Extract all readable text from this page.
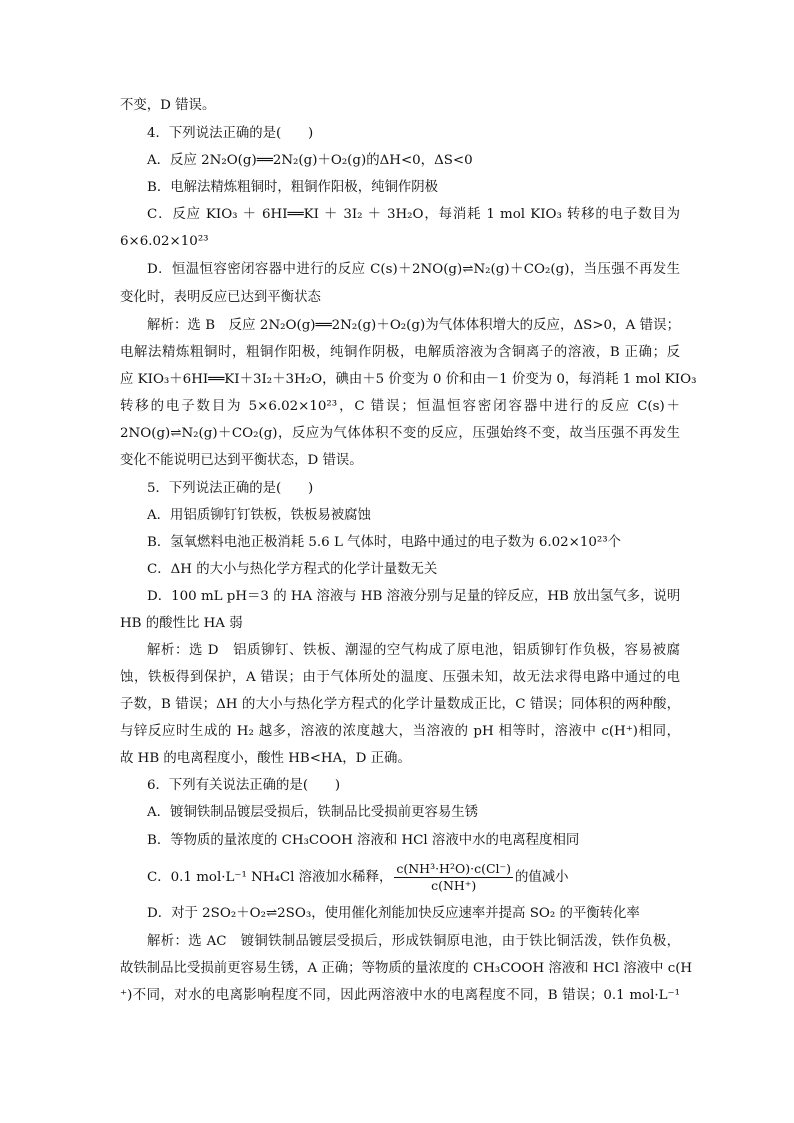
不变，D 错误。
4．下列说法正确的是(　　)
A．反应 2N₂O(g)══2N₂(g)＋O₂(g)的ΔH<0，ΔS<0
B．电解法精炼粗铜时，粗铜作阳极，纯铜作阴极
C．反应 KIO₃ ＋ 6HI══KI ＋ 3I₂ ＋ 3H₂O，每消耗 1 mol KIO₃ 转移的电子数目为
6×6.02×10²³
D．恒温恒容密闭容器中进行的反应 C(s)＋2NO(g)⇌N₂(g)＋CO₂(g)，当压强不再发生
变化时，表明反应已达到平衡状态
解析：选 B　反应 2N₂O(g)══2N₂(g)＋O₂(g)为气体体积增大的反应，ΔS>0，A 错误；
电解法精炼粗铜时，粗铜作阳极，纯铜作阴极，电解质溶液为含铜离子的溶液，B 正确；反
应 KIO₃＋6HI══KI＋3I₂＋3H₂O，碘由＋5 价变为 0 价和由－1 价变为 0，每消耗 1 mol KIO₃
转移的电子数目为 5×6.02×10²³，C 错误；恒温恒容密闭容器中进行的反应 C(s)＋
2NO(g)⇌N₂(g)＋CO₂(g)，反应为气体体积不变的反应，压强始终不变，故当压强不再发生
变化不能说明已达到平衡状态，D 错误。
5．下列说法正确的是(　　)
A．用铝质铆钉钉铁板，铁板易被腐蚀
B．氢氧燃料电池正极消耗 5.6 L 气体时，电路中通过的电子数为 6.02×10²³个
C．ΔH 的大小与热化学方程式的化学计量数无关
D．100 mL pH＝3 的 HA 溶液与 HB 溶液分别与足量的锌反应，HB 放出氢气多，说明
HB 的酸性比 HA 弱
解析：选 D　铝质铆钉、铁板、潮湿的空气构成了原电池，铝质铆钉作负极，容易被腐
蚀，铁板得到保护，A 错误；由于气体所处的温度、压强未知，故无法求得电路中通过的电
子数，B 错误；ΔH 的大小与热化学方程式的化学计量数成正比，C 错误；同体积的两种酸，
与锌反应时生成的 H₂ 越多，溶液的浓度越大，当溶液的 pH 相等时，溶液中 c(H⁺)相同，
故 HB 的电离程度小，酸性 HB<HA，D 正确。
6．下列有关说法正确的是(　　)
A．镀铜铁制品镀层受损后，铁制品比受损前更容易生锈
B．等物质的量浓度的 CH₃COOH 溶液和 HCl 溶液中水的电离程度相同
C．0.1 mol·L⁻¹ NH₄Cl 溶液加水稀释， $\frac{\text{c(NH³·H²O)·c(Cl⁻)}}{c(NH^+)}$ 的值减小
D．对于 2SO₂＋O₂⇌2SO₃，使用催化剂能加快反应速率并提高 SO₂ 的平衡转化率
解析：选 AC　镀铜铁制品镀层受损后，形成铁铜原电池，由于铁比铜活泼，铁作负极，
故铁制品比受损前更容易生锈，A 正确；等物质的量浓度的 CH₃COOH 溶液和 HCl 溶液中 c(H
⁺)不同，对水的电离影响程度不同，因此两溶液中水的电离程度不同，B 错误；0.1 mol·L⁻¹
